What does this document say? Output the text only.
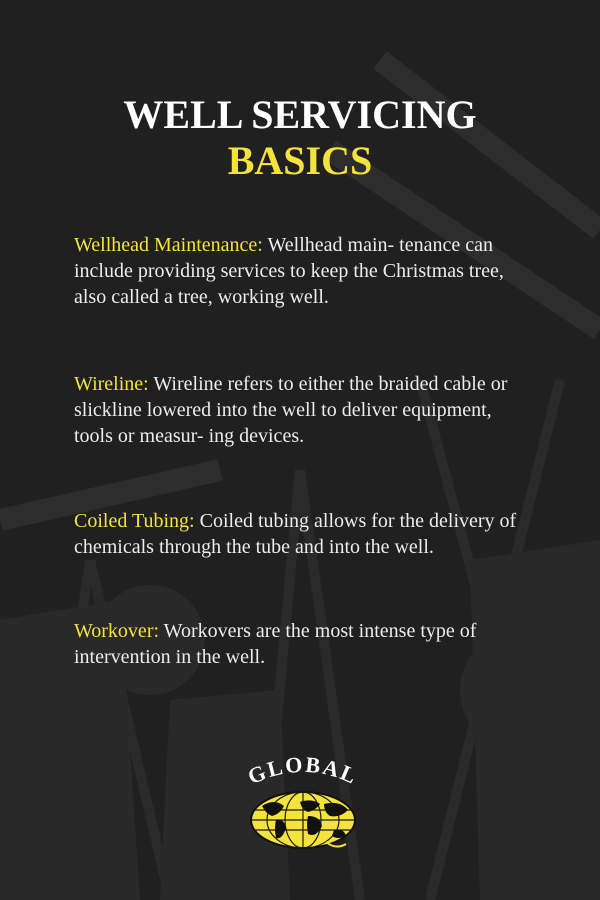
WELL SERVICING
BASICS
Wellhead Maintenance: Wellhead main- tenance can include providing services to keep the Christmas tree, also called a tree, working well.
Wireline: Wireline refers to either the braided cable or slickline lowered into the well to deliver equipment, tools or measur- ing devices.
Coiled Tubing: Coiled tubing allows for the delivery of chemicals through the tube and into the well.
Workover: Workovers are the most intense type of intervention in the well.
GLOBAL
